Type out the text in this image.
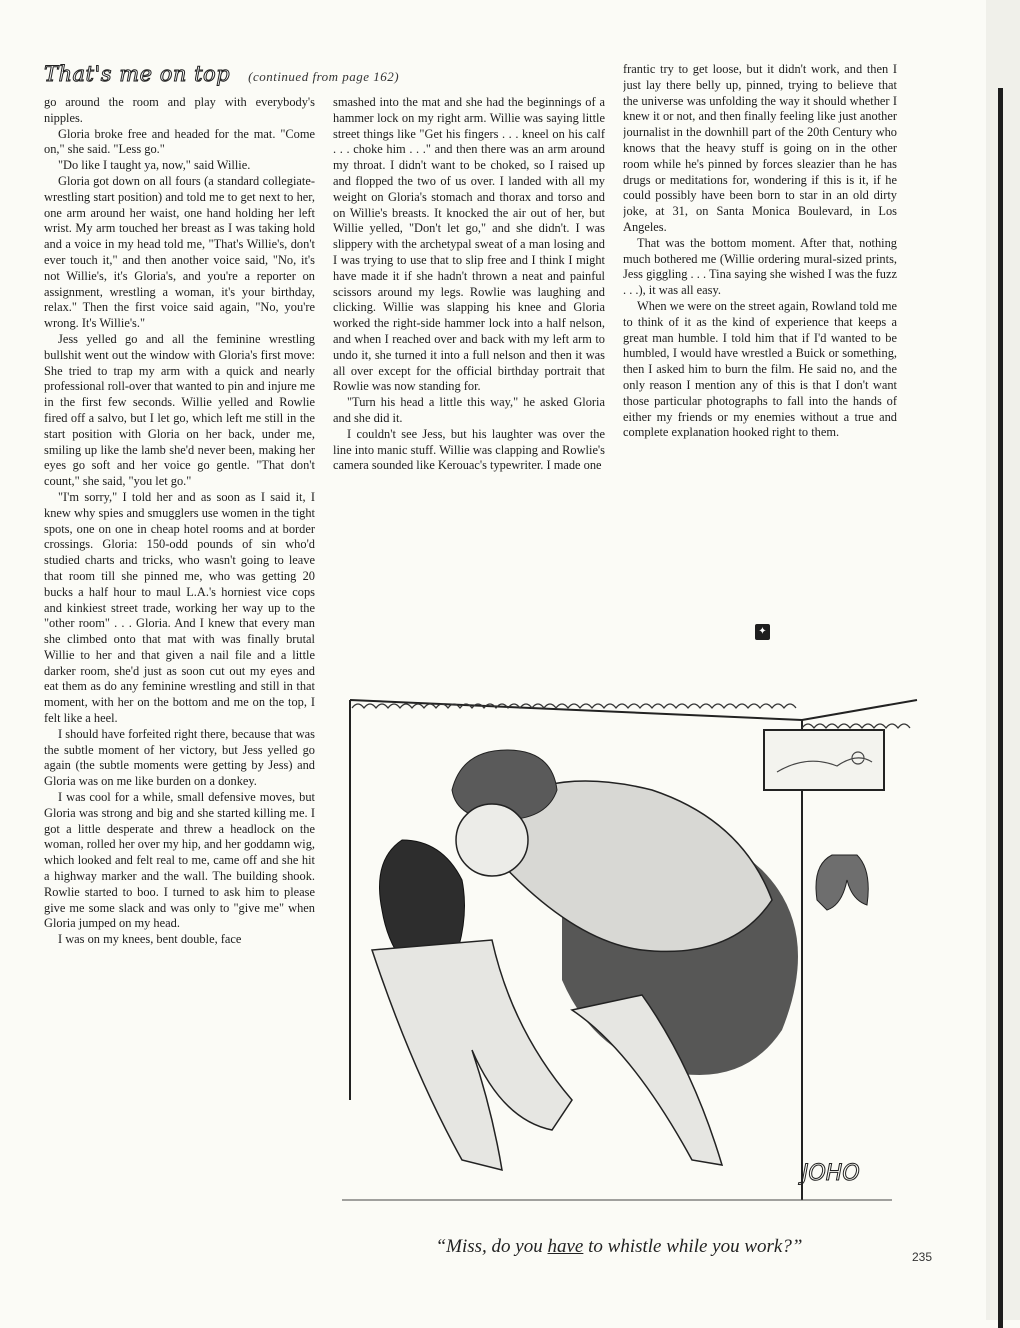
That's me on top (continued from page 162)

go around the room and play with everybody's nipples.

Gloria broke free and headed for the mat. "Come on," she said. "Less go."

"Do like I taught ya, now," said Willie.

Gloria got down on all fours (a standard collegiate-wrestling start position) and told me to get next to her, one arm around her waist, one hand holding her left wrist. My arm touched her breast as I was taking hold and a voice in my head told me, "That's Willie's, don't ever touch it," and then another voice said, "No, it's not Willie's, it's Gloria's, and you're a reporter on assignment, wrestling a woman, it's your birthday, relax." Then the first voice said again, "No, you're wrong. It's Willie's."

Jess yelled go and all the feminine wrestling bullshit went out the window with Gloria's first move: She tried to trap my arm with a quick and nearly professional roll-over that wanted to pin and injure me in the first few seconds. Willie yelled and Rowlie fired off a salvo, but I let go, which left me still in the start position with Gloria on her back, under me, smiling up like the lamb she'd never been, making her eyes go soft and her voice go gentle. "That don't count," she said, "you let go."

"I'm sorry," I told her and as soon as I said it, I knew why spies and smugglers use women in the tight spots, one on one in cheap hotel rooms and at border crossings. Gloria: 150-odd pounds of sin who'd studied charts and tricks, who wasn't going to leave that room till she pinned me, who was getting 20 bucks a half hour to maul L.A.'s horniest vice cops and kinkiest street trade, working her way up to the "other room" . . . Gloria. And I knew that every man she climbed onto that mat with was finally brutal Willie to her and that given a nail file and a little darker room, she'd just as soon cut out my eyes and eat them as do any feminine wrestling and still in that moment, with her on the bottom and me on the top, I felt like a heel.

I should have forfeited right there, because that was the subtle moment of her victory, but Jess yelled go again (the subtle moments were getting by Jess) and Gloria was on me like burden on a donkey.

I was cool for a while, small defensive moves, but Gloria was strong and big and she started killing me. I got a little desperate and threw a headlock on the woman, rolled her over my hip, and her goddamn wig, which looked and felt real to me, came off and she hit a highway marker and the wall. The building shook. Rowlie started to boo. I turned to ask him to please give me some slack and was only to "give me" when Gloria jumped on my head.

I was on my knees, bent double, face

smashed into the mat and she had the beginnings of a hammer lock on my right arm. Willie was saying little street things like "Get his fingers . . . kneel on his calf . . . choke him . . ." and then there was an arm around my throat. I didn't want to be choked, so I raised up and flopped the two of us over. I landed with all my weight on Gloria's stomach and thorax and torso and on Willie's breasts. It knocked the air out of her, but Willie yelled, "Don't let go," and she didn't. I was slippery with the archetypal sweat of a man losing and I was trying to use that to slip free and I think I might have made it if she hadn't thrown a neat and painful scissors around my legs. Rowlie was laughing and clicking. Willie was slapping his knee and Gloria worked the right-side hammer lock into a half nelson, and when I reached over and back with my left arm to undo it, she turned it into a full nelson and then it was all over except for the official birthday portrait that Rowlie was now standing for.

"Turn his head a little this way," he asked Gloria and she did it.

I couldn't see Jess, but his laughter was over the line into manic stuff. Willie was clapping and Rowlie's camera sounded like Kerouac's typewriter. I made one

frantic try to get loose, but it didn't work, and then I just lay there belly up, pinned, trying to believe that the universe was unfolding the way it should whether I knew it or not, and then finally feeling like just another journalist in the downhill part of the 20th Century who knows that the heavy stuff is going on in the other room while he's pinned by forces sleazier than he has drugs or meditations for, wondering if this is it, if he could possibly have been born to star in an old dirty joke, at 31, on Santa Monica Boulevard, in Los Angeles.

That was the bottom moment. After that, nothing much bothered me (Willie ordering mural-sized prints, Jess giggling . . . Tina saying she wished I was the fuzz . . .), it was all easy.

When we were on the street again, Rowland told me to think of it as the kind of experience that keeps a great man humble. I told him that if I'd wanted to be humbled, I would have wrestled a Buick or something, then I asked him to burn the film. He said no, and the only reason I mention any of this is that I don't want those particular photographs to fall into the hands of either my friends or my enemies without a true and complete explanation hooked right to them.

✦
JOHO
“Miss, do you have to whistle while you work?”	235
